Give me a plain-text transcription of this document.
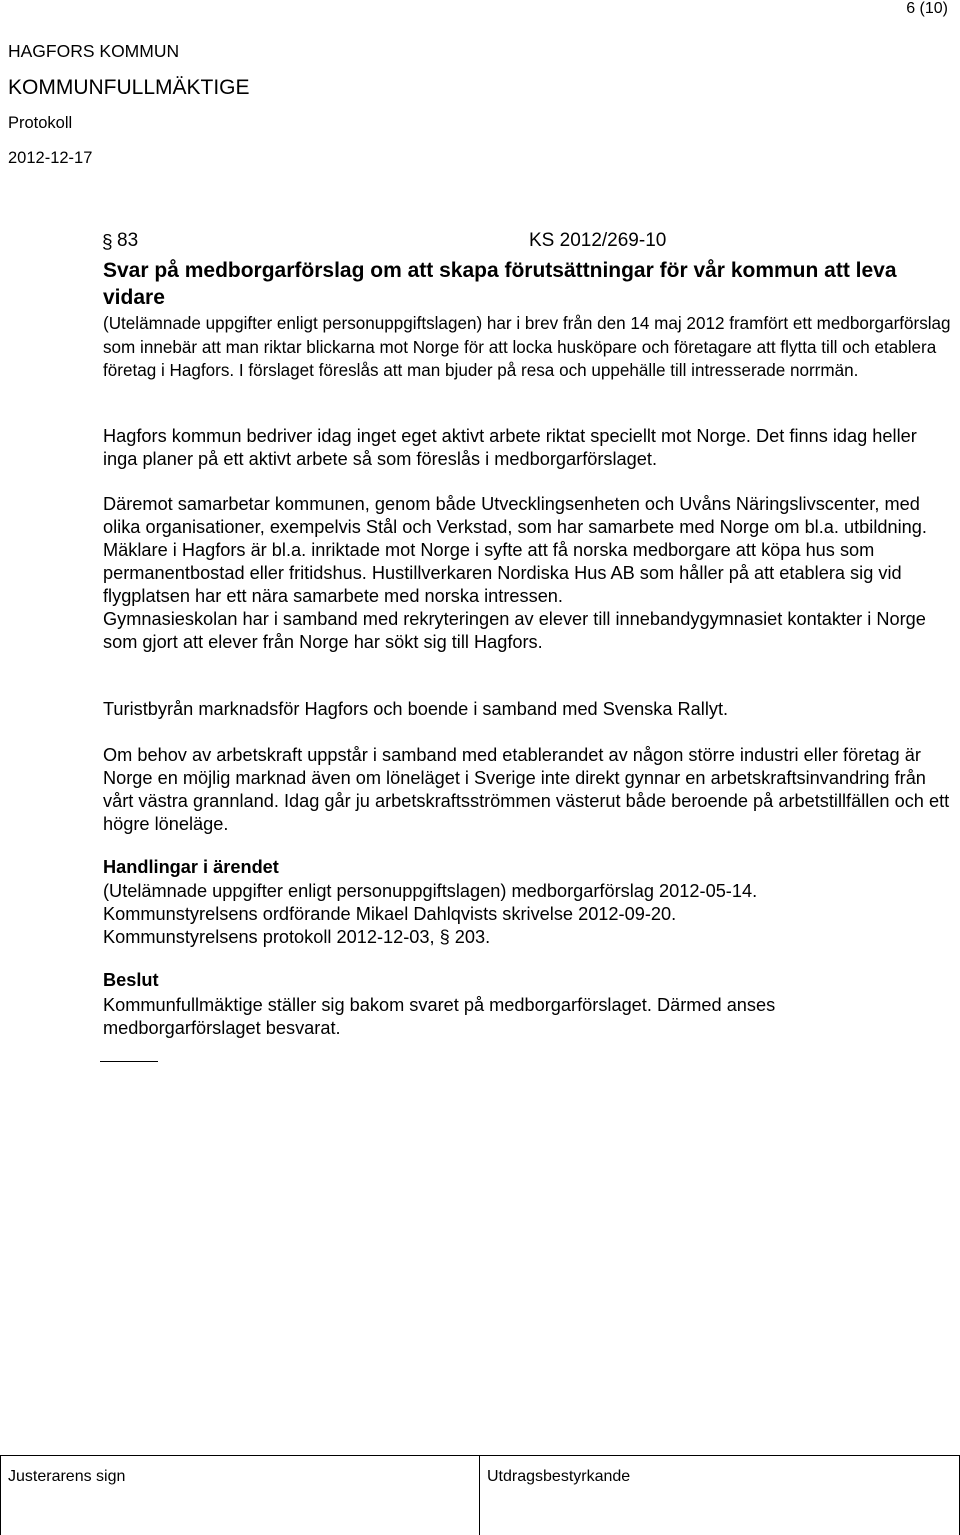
6 (10)
HAGFORS KOMMUN
KOMMUNFULLMÄKTIGE
Protokoll
2012-12-17
§ 83	KS 2012/269-10
Svar på medborgarförslag om att skapa förutsättningar för vår kommun att leva vidare
(Utelämnade uppgifter enligt personuppgiftslagen) har i brev från den 14 maj 2012 framfört ett medborgarförslag som innebär att man riktar blickarna mot Norge för att locka husköpare och företagare att flytta till och etablera företag i Hagfors. I förslaget föreslås att man bjuder på resa och uppehälle till intresserade norrmän.
Hagfors kommun bedriver idag inget eget aktivt arbete riktat speciellt mot Norge. Det finns idag heller inga planer på ett aktivt arbete så som föreslås i medborgarförslaget.
Däremot samarbetar kommunen, genom både Utvecklingsenheten och Uvåns Näringslivscenter, med olika organisationer, exempelvis Stål och Verkstad, som har samarbete med Norge om bl.a. utbildning.
Mäklare i Hagfors är bl.a. inriktade mot Norge i syfte att få norska medborgare att köpa hus som permanentbostad eller fritidshus. Hustillverkaren Nordiska Hus AB som håller på att etablera sig vid flygplatsen har ett nära samarbete med norska intressen.
Gymnasieskolan har i samband med rekryteringen av elever till innebandygymnasiet kontakter i Norge som gjort att elever från Norge har sökt sig till Hagfors.
Turistbyrån marknadsför Hagfors och boende i samband med Svenska Rallyt.
Om behov av arbetskraft uppstår i samband med etablerandet av någon större industri eller företag är Norge en möjlig marknad även om löneläget i Sverige inte direkt gynnar en arbetskraftsinvandring från vårt västra grannland. Idag går ju arbetskraftsströmmen västerut både beroende på arbetstillfällen och ett högre löneläge.
Handlingar i ärendet
(Utelämnade uppgifter enligt personuppgiftslagen) medborgarförslag 2012-05-14.
Kommunstyrelsens ordförande Mikael Dahlqvists skrivelse 2012-09-20.
Kommunstyrelsens protokoll 2012-12-03, § 203.
Beslut
Kommunfullmäktige ställer sig bakom svaret på medborgarförslaget. Därmed anses
medborgarförslaget besvarat.
Justerarens sign	Utdragsbestyrkande
